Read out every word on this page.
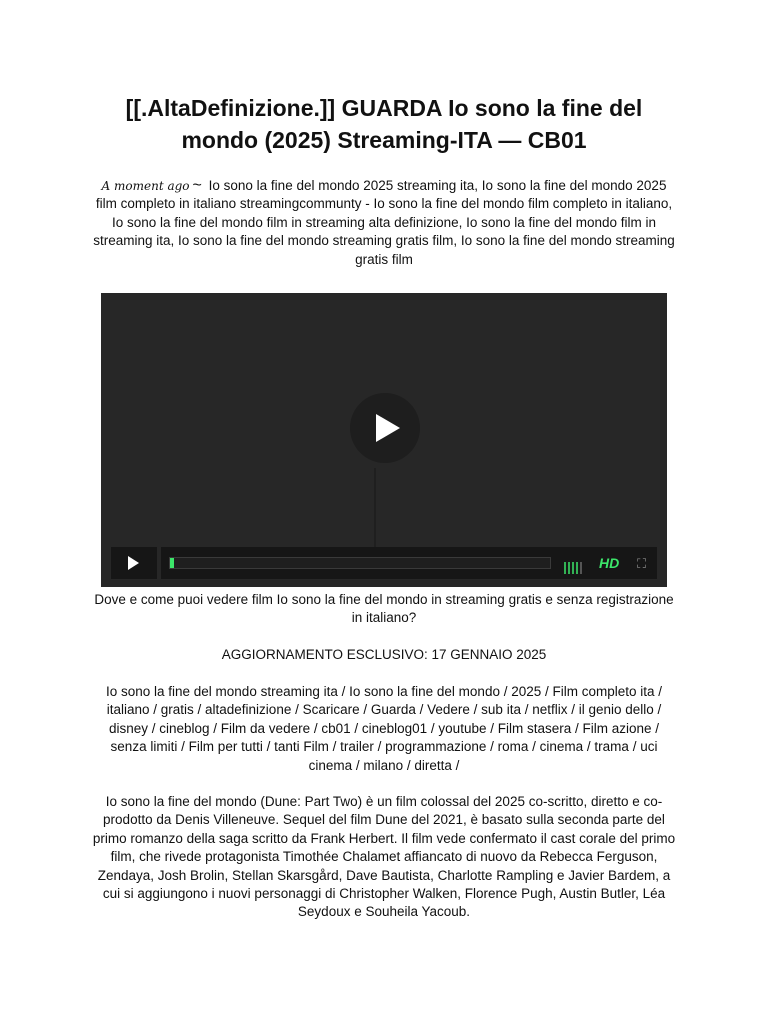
[[.AltaDefinizione.]] GUARDA Io sono la fine del mondo (2025) Streaming-ITA — CB01

A moment ago ~ Io sono la fine del mondo 2025 streaming ita, Io sono la fine del mondo 2025 film completo in italiano streamingcommunty - Io sono la fine del mondo film completo in italiano, Io sono la fine del mondo film in streaming alta definizione, Io sono la fine del mondo film in streaming ita, Io sono la fine del mondo streaming gratis film, Io sono la fine del mondo streaming gratis film

HD ⛶

Dove e come puoi vedere film Io sono la fine del mondo in streaming gratis e senza registrazione in italiano?

AGGIORNAMENTO ESCLUSIVO: 17 GENNAIO 2025

Io sono la fine del mondo streaming ita / Io sono la fine del mondo / 2025 / Film completo ita / italiano / gratis / altadefinizione / Scaricare / Guarda / Vedere / sub ita / netflix / il genio dello / disney / cineblog / Film da vedere / cb01 / cineblog01 / youtube / Film stasera / Film azione / senza limiti / Film per tutti / tanti Film / trailer / programmazione / roma / cinema / trama / uci cinema / milano / diretta /

Io sono la fine del mondo (Dune: Part Two) è un film colossal del 2025 co-scritto, diretto e co-prodotto da Denis Villeneuve. Sequel del film Dune del 2021, è basato sulla seconda parte del primo romanzo della saga scritto da Frank Herbert. Il film vede confermato il cast corale del primo film, che rivede protagonista Timothée Chalamet affiancato di nuovo da Rebecca Ferguson, Zendaya, Josh Brolin, Stellan Skarsgård, Dave Bautista, Charlotte Rampling e Javier Bardem, a cui si aggiungono i nuovi personaggi di Christopher Walken, Florence Pugh, Austin Butler, Léa Seydoux e Souheila Yacoub.
